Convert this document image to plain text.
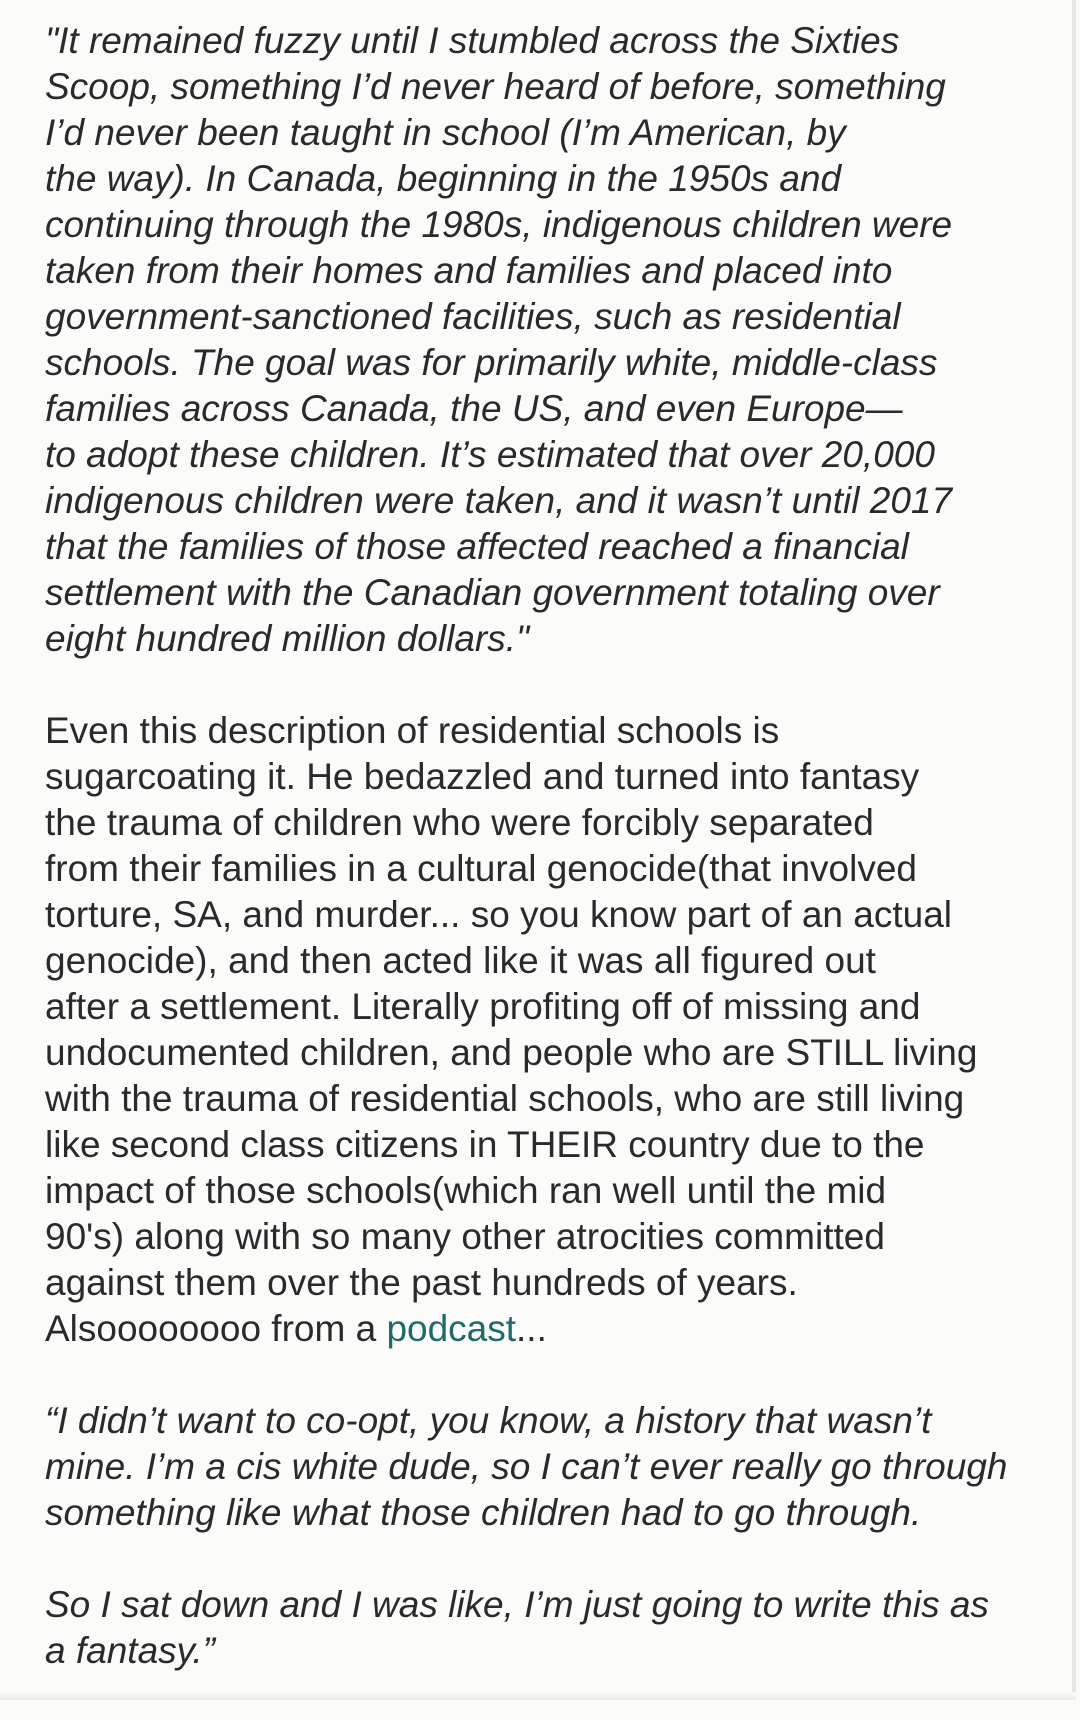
"It remained fuzzy until I stumbled across the Sixties
Scoop, something I’d never heard of before, something
I’d never been taught in school (I’m American, by
the way). In Canada, beginning in the 1950s and
continuing through the 1980s, indigenous children were
taken from their homes and families and placed into
government-sanctioned facilities, such as residential
schools. The goal was for primarily white, middle-class
families across Canada, the US, and even Europe—
to adopt these children. It’s estimated that over 20,000
indigenous children were taken, and it wasn’t until 2017
that the families of those affected reached a financial
settlement with the Canadian government totaling over
eight hundred million dollars."

Even this description of residential schools is
sugarcoating it. He bedazzled and turned into fantasy
the trauma of children who were forcibly separated
from their families in a cultural genocide(that involved
torture, SA, and murder... so you know part of an actual
genocide), and then acted like it was all figured out
after a settlement. Literally profiting off of missing and
undocumented children, and people who are STILL living
with the trauma of residential schools, who are still living
like second class citizens in THEIR country due to the
impact of those schools(which ran well until the mid
90's) along with so many other atrocities committed
against them over the past hundreds of years.
Alsoooooooo from a podcast...

“I didn’t want to co-opt, you know, a history that wasn’t
mine. I’m a cis white dude, so I can’t ever really go through
something like what those children had to go through.

So I sat down and I was like, I’m just going to write this as
a fantasy.”
